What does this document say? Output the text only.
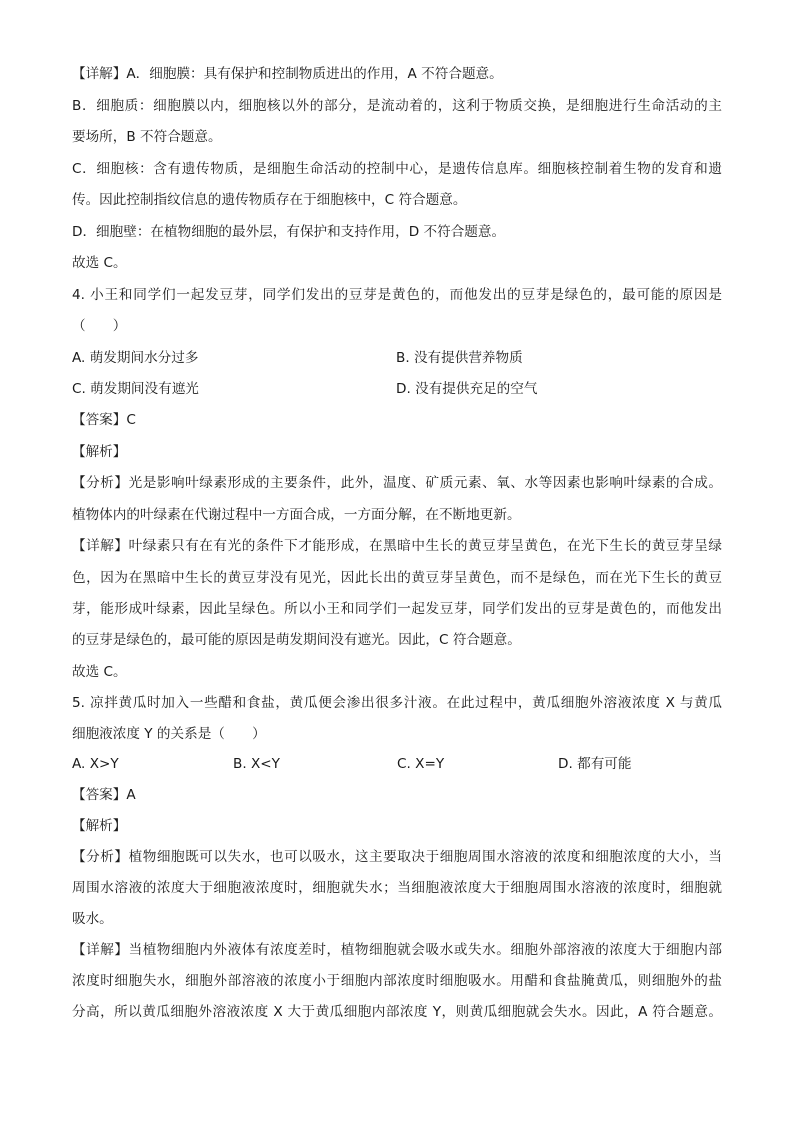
【详解】A．细胞膜：具有保护和控制物质进出的作用，A 不符合题意。
B．细胞质：细胞膜以内，细胞核以外的部分，是流动着的，这利于物质交换，是细胞进行生命活动的主
要场所，B 不符合题意。
C．细胞核：含有遗传物质，是细胞生命活动的控制中心，是遗传信息库。细胞核控制着生物的发育和遗
传。因此控制指纹信息的遗传物质存在于细胞核中，C 符合题意。
D．细胞壁：在植物细胞的最外层，有保护和支持作用，D 不符合题意。
故选 C。
4. 小王和同学们一起发豆芽，同学们发出的豆芽是黄色的，而他发出的豆芽是绿色的，最可能的原因是
（　　）
A. 萌发期间水分过多	B. 没有提供营养物质
C. 萌发期间没有遮光	D. 没有提供充足的空气
【答案】C
【解析】
【分析】光是影响叶绿素形成的主要条件，此外，温度、矿质元素、氧、水等因素也影响叶绿素的合成。
植物体内的叶绿素在代谢过程中一方面合成，一方面分解，在不断地更新。
【详解】叶绿素只有在有光的条件下才能形成，在黑暗中生长的黄豆芽呈黄色，在光下生长的黄豆芽呈绿
色，因为在黑暗中生长的黄豆芽没有见光，因此长出的黄豆芽呈黄色，而不是绿色，而在光下生长的黄豆
芽，能形成叶绿素，因此呈绿色。所以小王和同学们一起发豆芽，同学们发出的豆芽是黄色的，而他发出
的豆芽是绿色的，最可能的原因是萌发期间没有遮光。因此，C 符合题意。
故选 C。
5. 凉拌黄瓜时加入一些醋和食盐，黄瓜便会渗出很多汁液。在此过程中，黄瓜细胞外溶液浓度 X 与黄瓜
细胞液浓度 Y 的关系是（　　）
A. X>Y	B. X<Y	C. X=Y	D. 都有可能
【答案】A
【解析】
【分析】植物细胞既可以失水，也可以吸水，这主要取决于细胞周围水溶液的浓度和细胞浓度的大小，当
周围水溶液的浓度大于细胞液浓度时，细胞就失水；当细胞液浓度大于细胞周围水溶液的浓度时，细胞就
吸水。
【详解】当植物细胞内外液体有浓度差时，植物细胞就会吸水或失水。细胞外部溶液的浓度大于细胞内部
浓度时细胞失水，细胞外部溶液的浓度小于细胞内部浓度时细胞吸水。用醋和食盐腌黄瓜，则细胞外的盐
分高，所以黄瓜细胞外溶液浓度 X 大于黄瓜细胞内部浓度 Y，则黄瓜细胞就会失水。因此，A 符合题意。
